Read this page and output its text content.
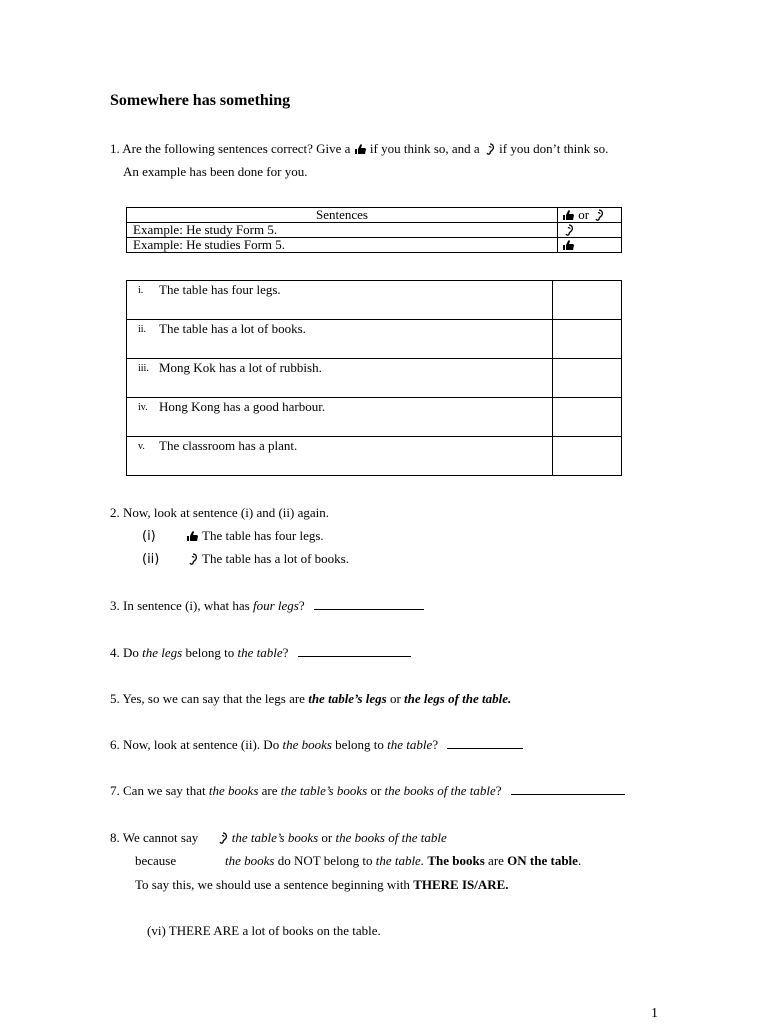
Somewhere has something
1. Are the following sentences correct? Give a if you think so, and a if you don’t think so.
An example has been done for you.
Sentences	or

Example: He study Form 5.	

Example: He studies Form 5.	
i. The table has four legs.	

ii. The table has a lot of books.	

iii. Mong Kok has a lot of rubbish.	

iv. Hong Kong has a good harbour.	

v. The classroom has a plant.	

2. Now, look at sentence (i) and (ii) again.
(i)	The table has four legs.
(ii)	The table has a lot of books.
3. In sentence (i), what has four legs?
4. Do the legs belong to the table?
5. Yes, so we can say that the legs are the table’s legs or the legs of the table.
6. Now, look at sentence (ii). Do the books belong to the table?
7. Can we say that the books are the table’s books or the books of the table?
8. We cannot say	the table’s books or the books of the table
because	the books do NOT belong to the table. The books are ON the table.
To say this, we should use a sentence beginning with THERE IS/ARE.
(vi) THERE ARE a lot of books on the table.
1
